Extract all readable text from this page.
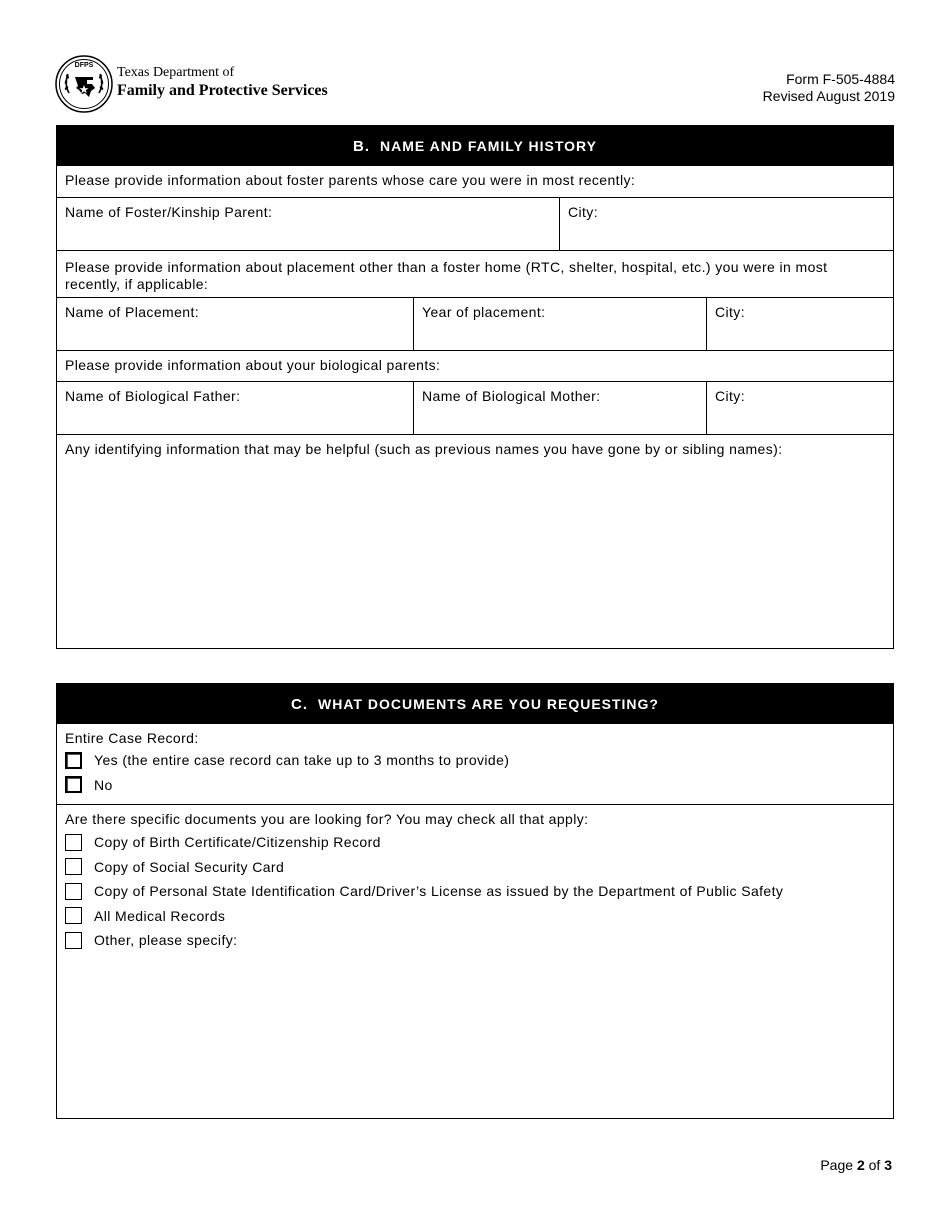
DFPS Texas Department of
Family and Protective Services
Form F-505-4884
Revised August 2019
B. NAME AND FAMILY HISTORY
Please provide information about foster parents whose care you were in most recently:
Name of Foster/Kinship Parent:	City:
Please provide information about placement other than a foster home (RTC, shelter, hospital, etc.) you were in most recently, if applicable:
Name of Placement:	Year of placement:	City:
Please provide information about your biological parents:
Name of Biological Father:	Name of Biological Mother:	City:
Any identifying information that may be helpful (such as previous names you have gone by or sibling names):
C. WHAT DOCUMENTS ARE YOU REQUESTING?
Entire Case Record:
Yes (the entire case record can take up to 3 months to provide)
No
Are there specific documents you are looking for? You may check all that apply:
Copy of Birth Certificate/Citizenship Record
Copy of Social Security Card
Copy of Personal State Identification Card/Driver’s License as issued by the Department of Public Safety
All Medical Records
Other, please specify:
Page 2 of 3
